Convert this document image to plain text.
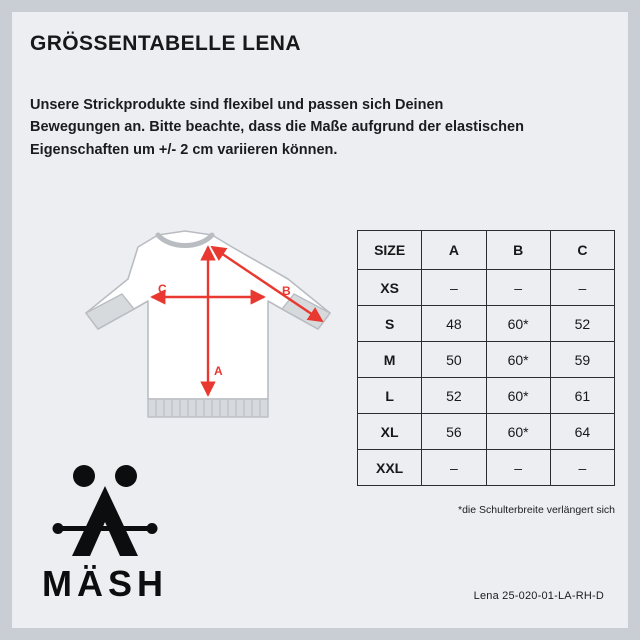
GRÖSSENTABELLE LENA
Unsere Strickprodukte sind flexibel und passen sich Deinen Bewegungen an. Bitte beachte, dass die Maße aufgrund der elastischen Eigenschaften um +/- 2 cm variieren können.
A
B
C
SIZE	A	B	C
XS	–	–	–
S	48	60*	52
M	50	60*	59
L	52	60*	61
XL	56	60*	64
XXL	–	–	–
*die Schulterbreite verlängert sich
MÄSH	Lena 25-020-01-LA-RH-D
